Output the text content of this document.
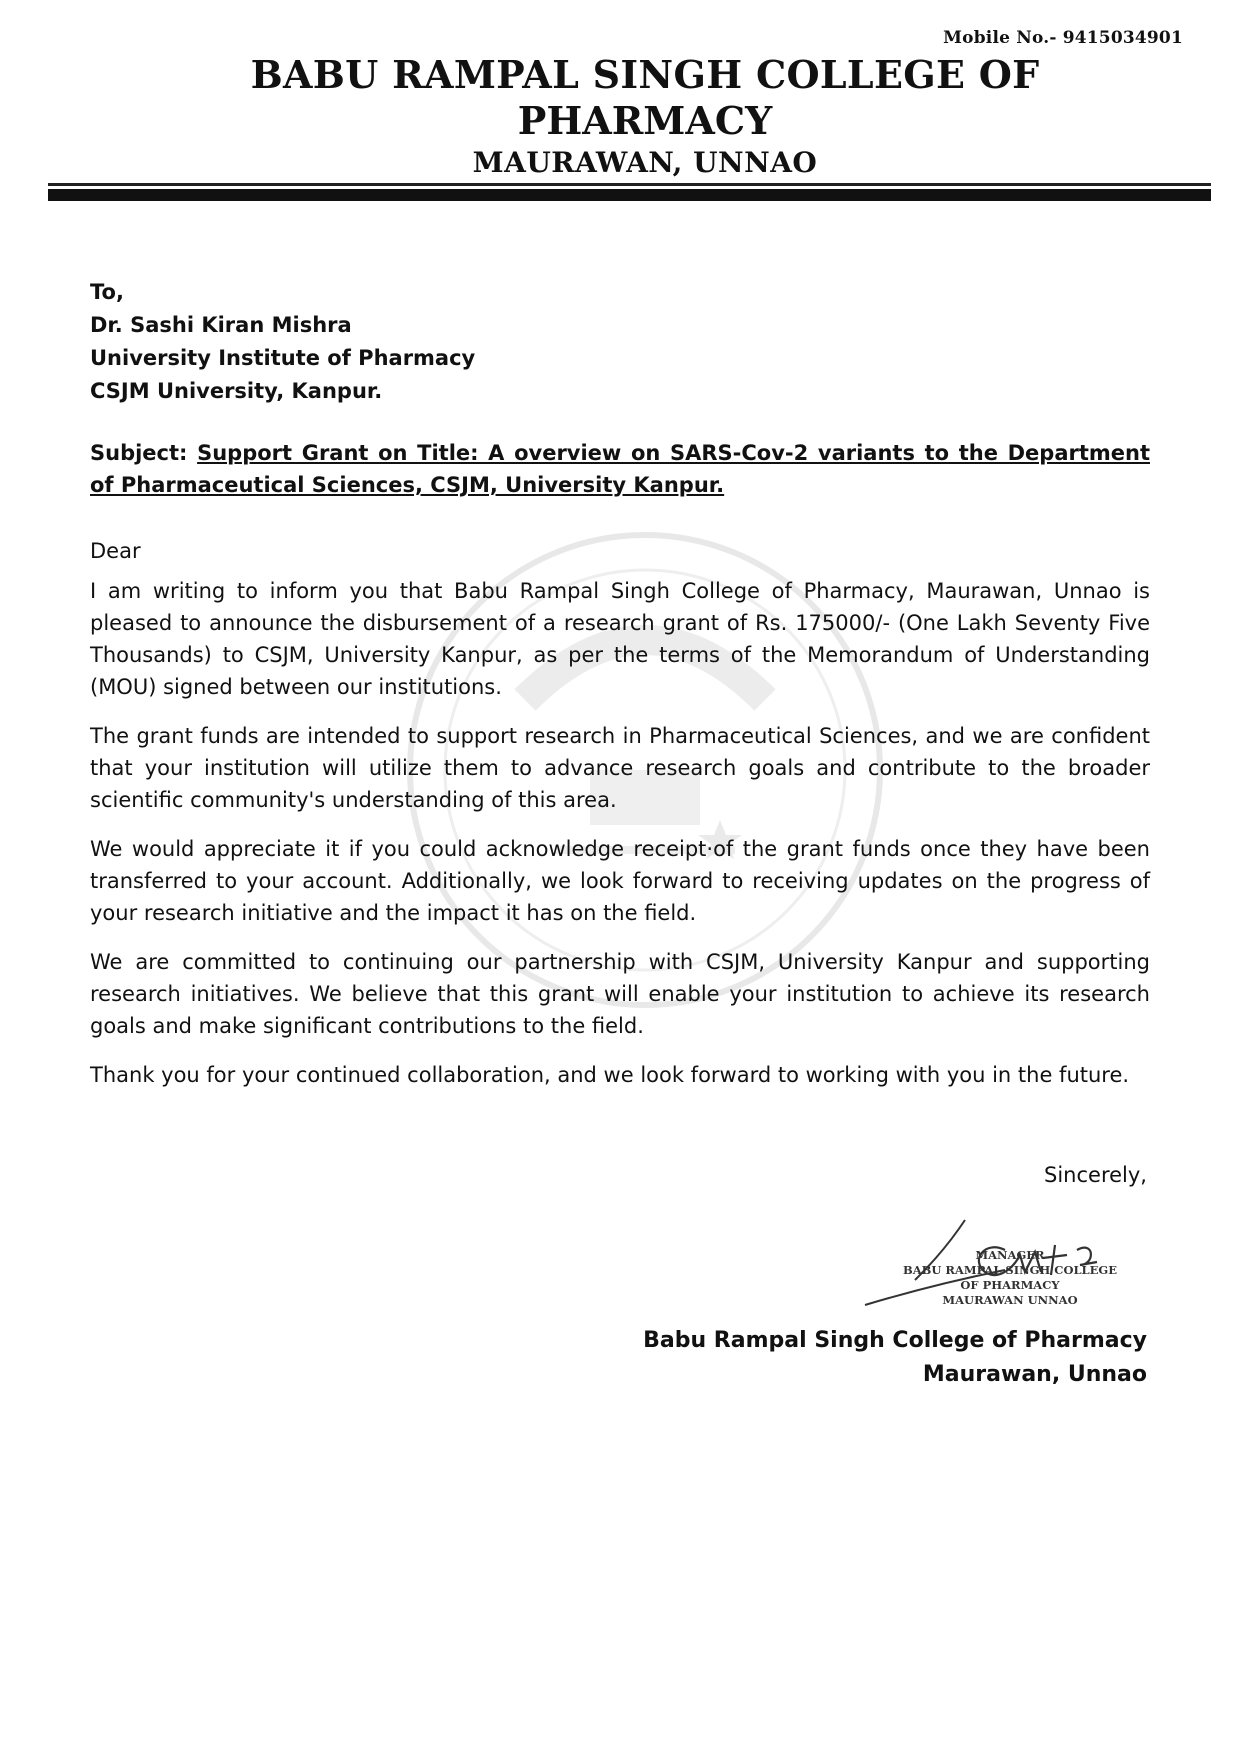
Mobile No.- 9415034901
BABU RAMPAL SINGH COLLEGE OF
PHARMACY
MAURAWAN, UNNAO
To,
Dr. Sashi Kiran Mishra
University Institute of Pharmacy
CSJM University, Kanpur.
Subject: Support Grant on Title: A overview on SARS-Cov-2 variants to the Department of Pharmaceutical Sciences, CSJM, University Kanpur.

Dear

I am writing to inform you that Babu Rampal Singh College of Pharmacy, Maurawan, Unnao is pleased to announce the disbursement of a research grant of Rs. 175000/- (One Lakh Seventy Five Thousands) to CSJM, University Kanpur, as per the terms of the Memorandum of Understanding (MOU) signed between our institutions.

The grant funds are intended to support research in Pharmaceutical Sciences, and we are confident that your institution will utilize them to advance research goals and contribute to the broader scientific community's understanding of this area.

We would appreciate it if you could acknowledge receipt·of the grant funds once they have been transferred to your account. Additionally, we look forward to receiving updates on the progress of your research initiative and the impact it has on the field.

We are committed to continuing our partnership with CSJM, University Kanpur and supporting research initiatives. We believe that this grant will enable your institution to achieve its research goals and make significant contributions to the field.

Thank you for your continued collaboration, and we look forward to working with you in the future.

Sincerely,
MANAGER
BABU RAMPAL SINGH COLLEGE
OF PHARMACY
MAURAWAN UNNAO
Babu Rampal Singh College of Pharmacy
Maurawan, Unnao
